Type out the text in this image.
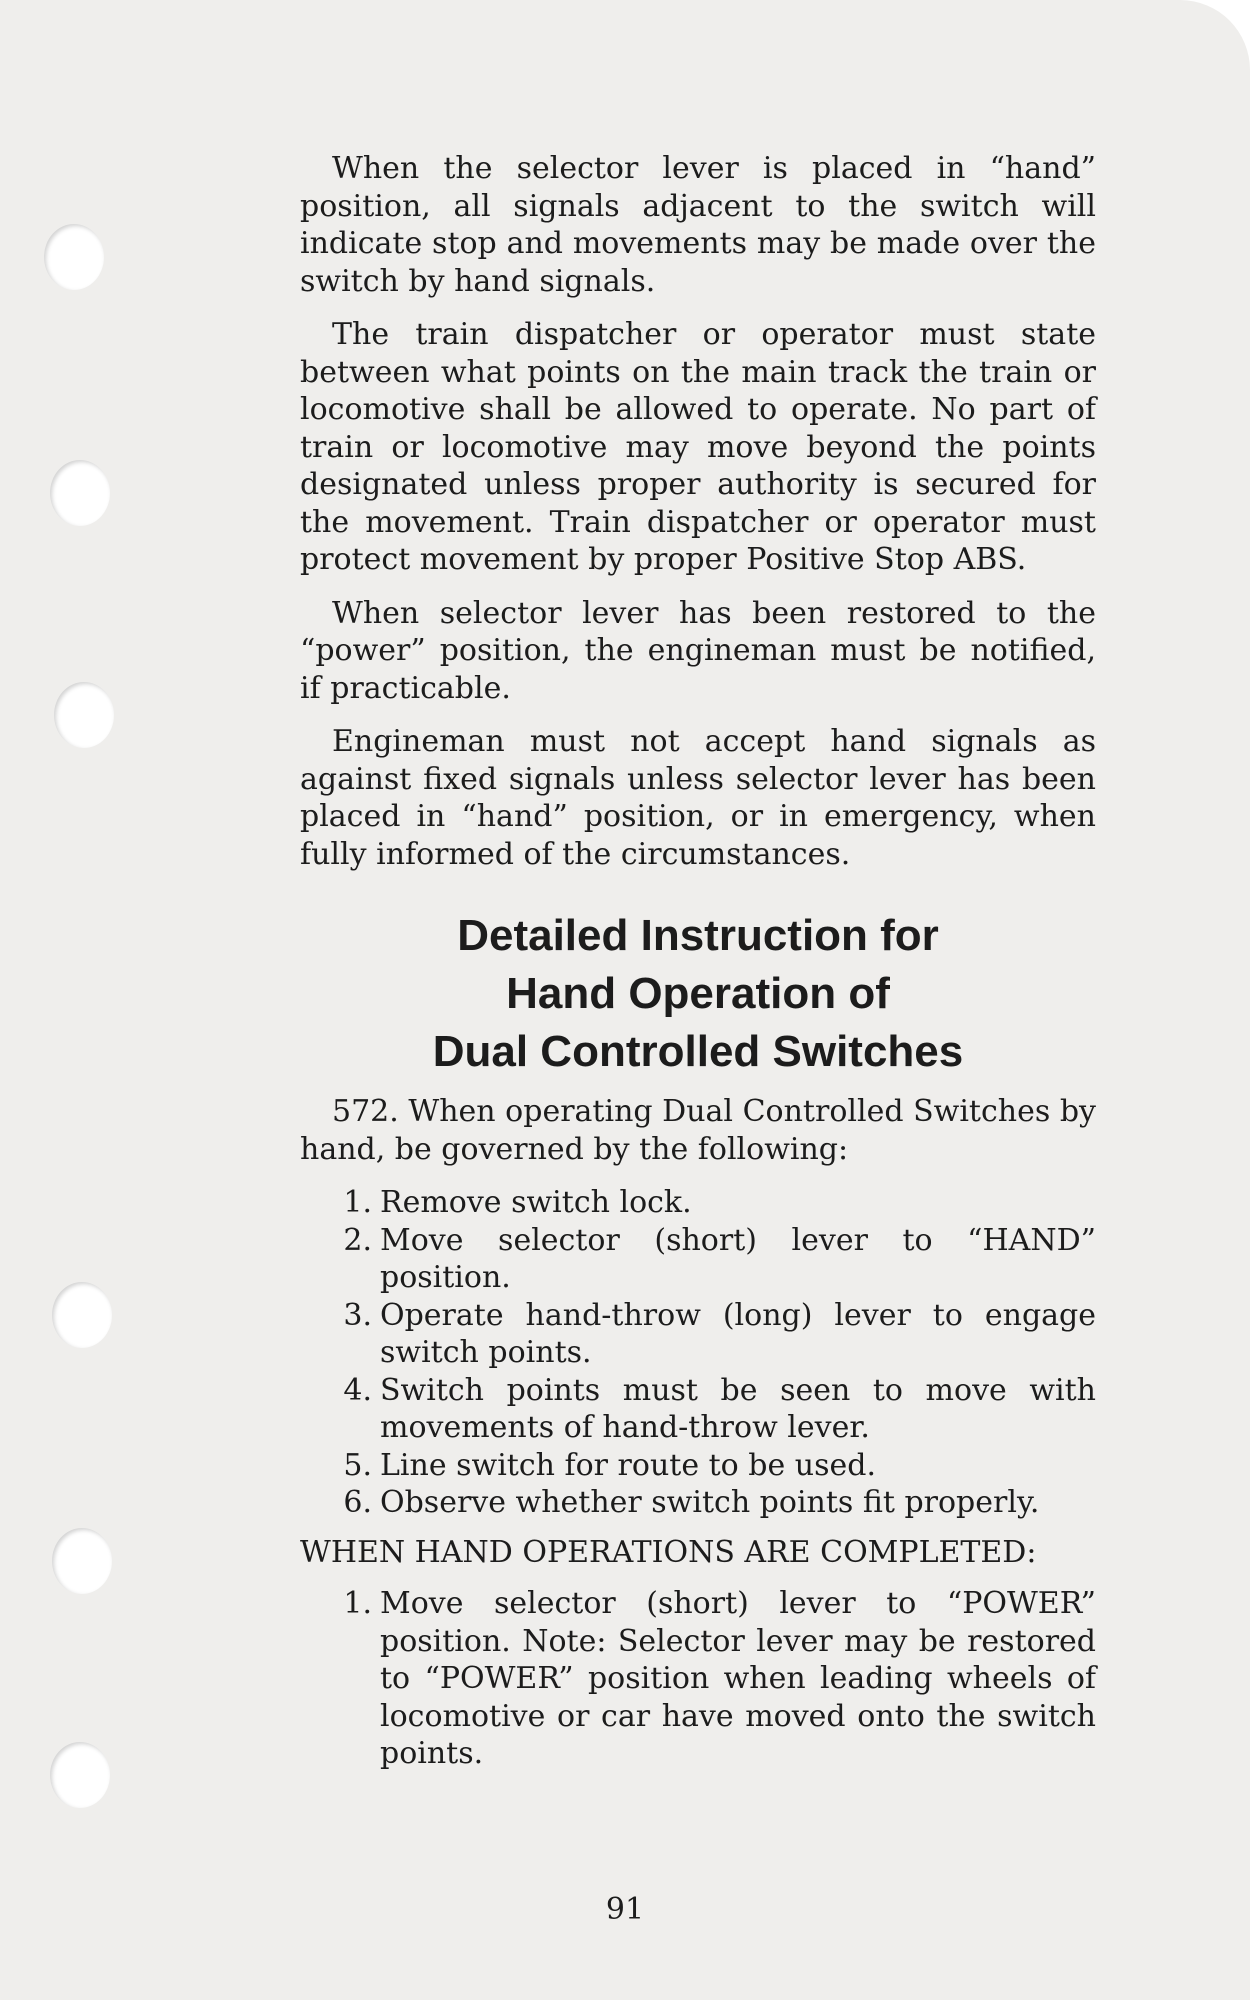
When the selector lever is placed in “hand” position, all signals adjacent to the switch will indicate stop and movements may be made over the switch by hand signals.

The train dispatcher or operator must state between what points on the main track the train or locomotive shall be allowed to operate. No part of train or locomotive may move beyond the points designated unless proper authority is secured for the movement. Train dispatcher or operator must protect movement by proper Positive Stop ABS.

When selector lever has been restored to the “power” position, the engineman must be notified, if practicable.

Engineman must not accept hand signals as against fixed signals unless selector lever has been placed in “hand” position, or in emergency, when fully informed of the circumstances.

Detailed Instruction for
Hand Operation of
Dual Controlled Switches

572. When operating Dual Controlled Switches by hand, be governed by the following:

1. Remove switch lock.
2. Move selector (short) lever to “HAND” position.
3. Operate hand-throw (long) lever to engage switch points.
4. Switch points must be seen to move with movements of hand-throw lever.
5. Line switch for route to be used.
6. Observe whether switch points fit properly.

WHEN HAND OPERATIONS ARE COMPLETED:

1. Move selector (short) lever to “POWER” position. Note: Selector lever may be restored to “POWER” position when leading wheels of locomotive or car have moved onto the switch points.
91
